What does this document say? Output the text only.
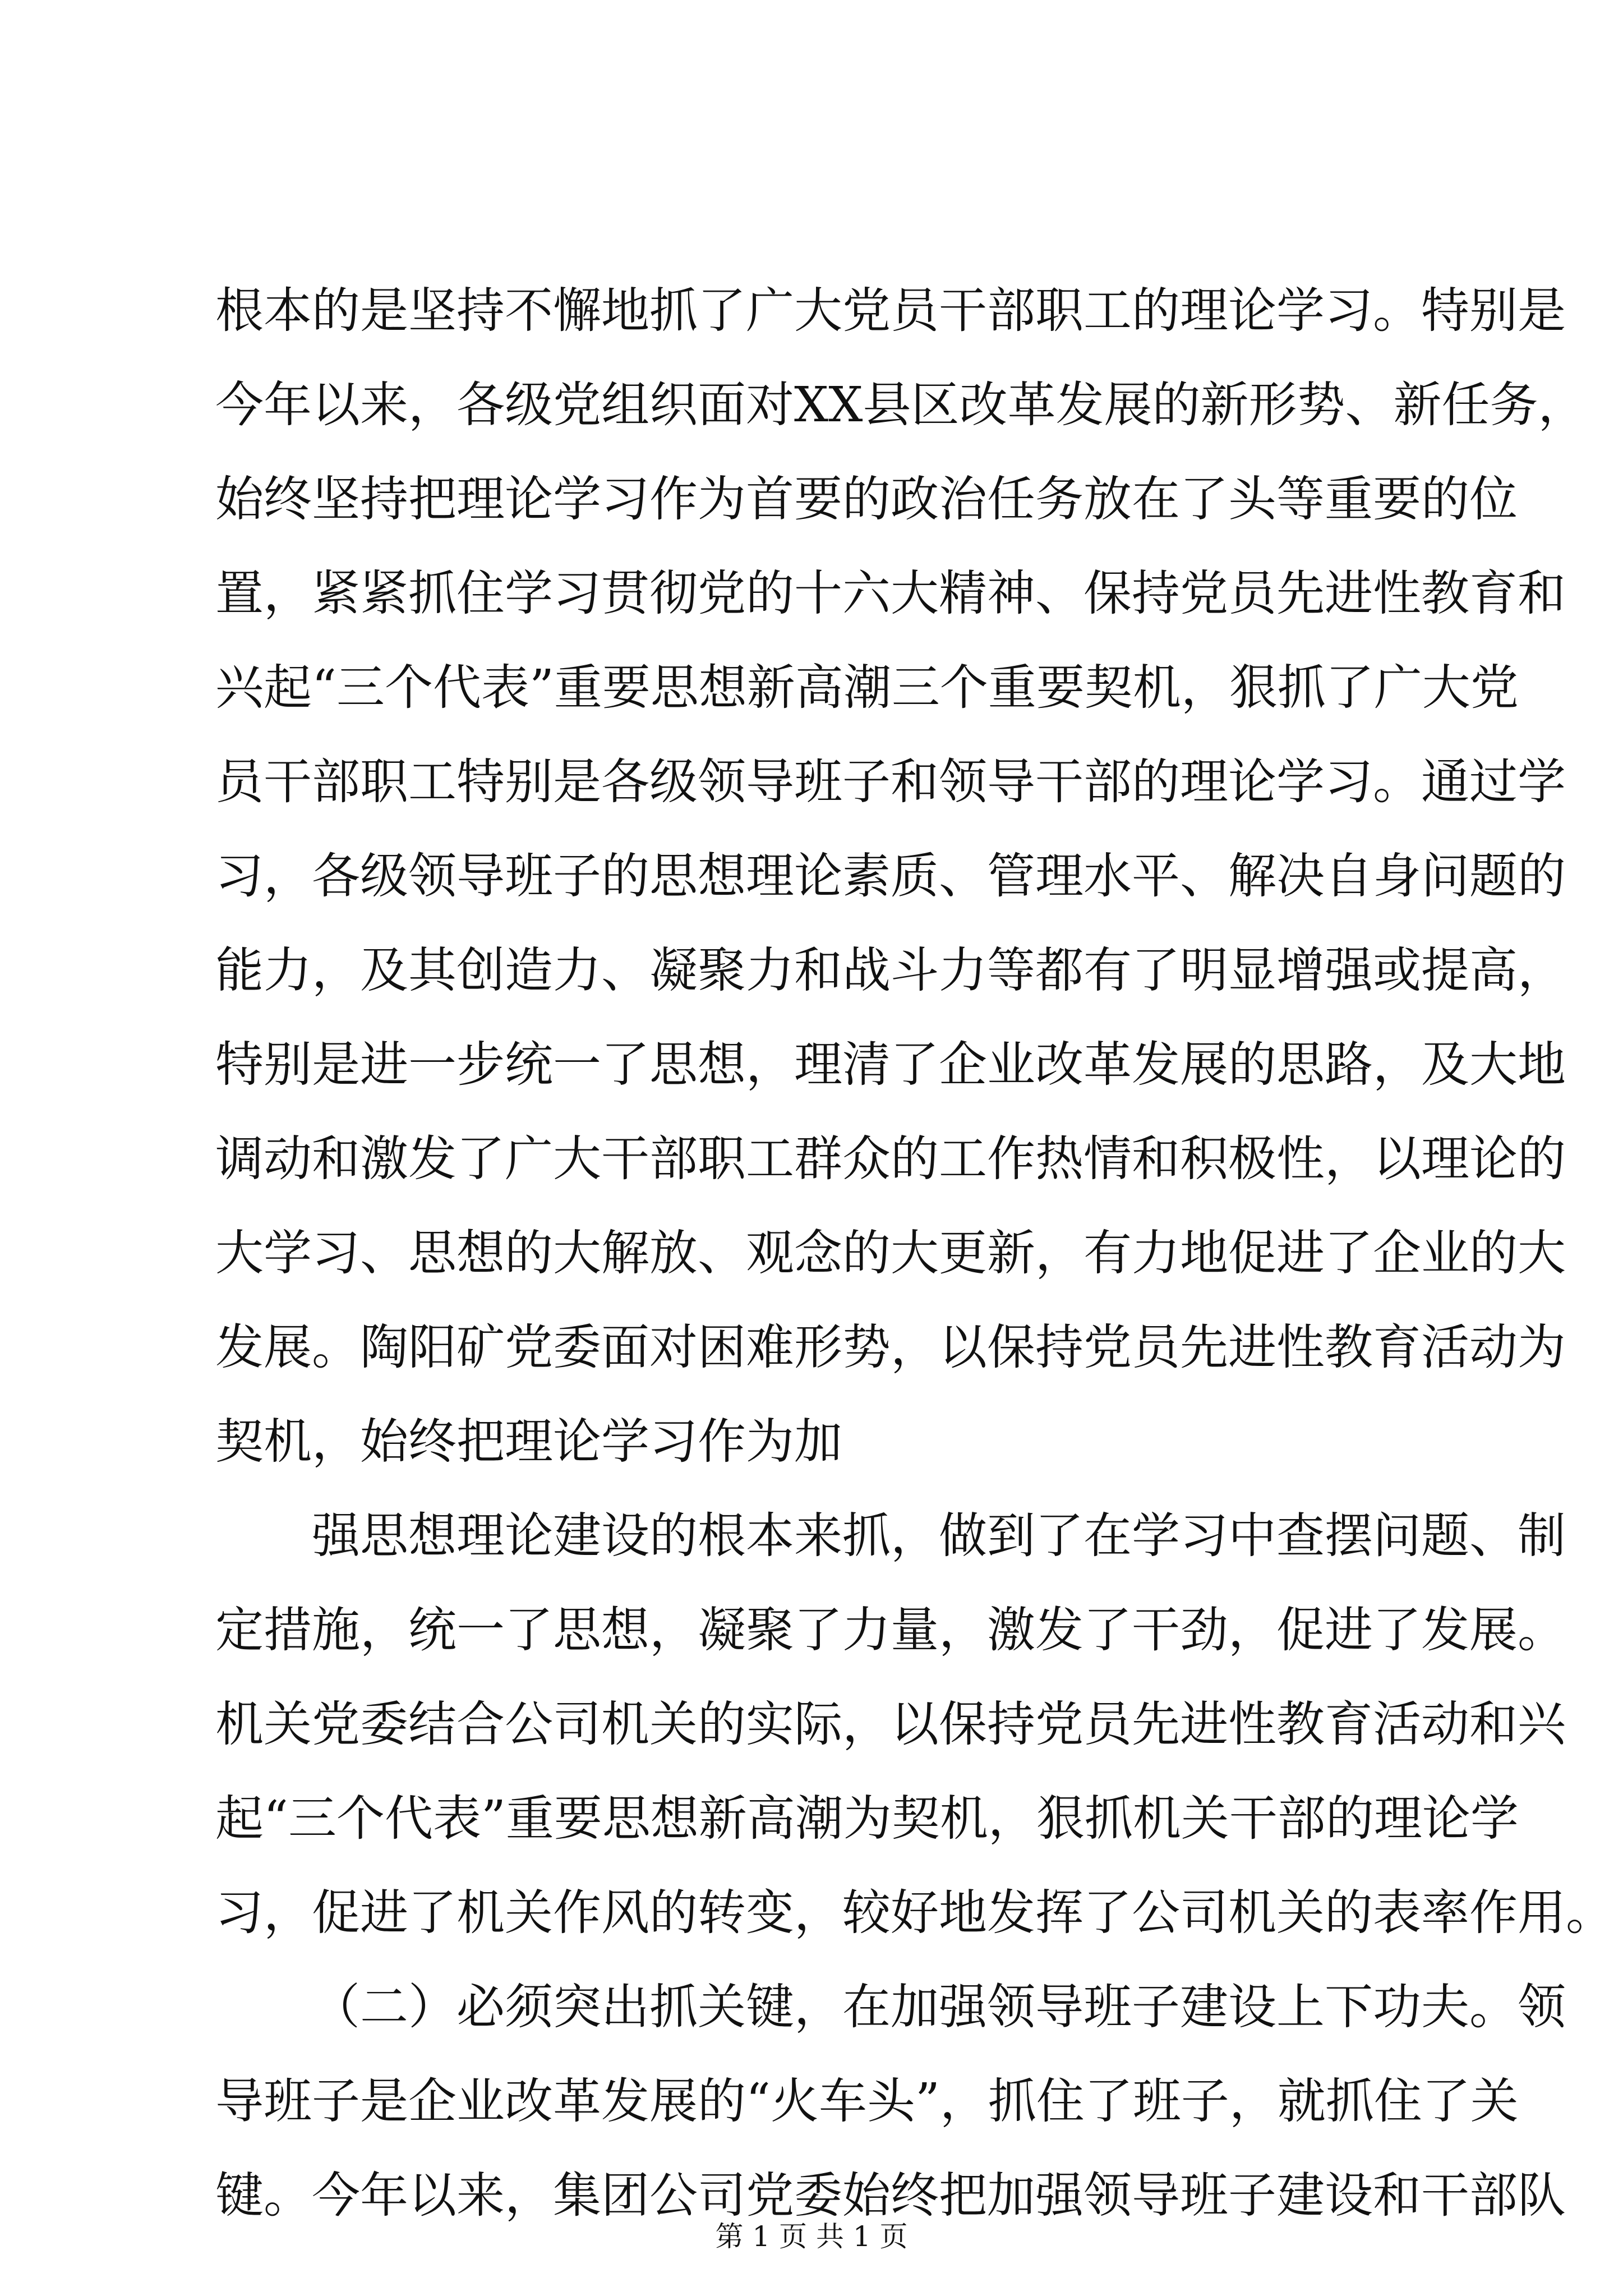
根本的是坚持不懈地抓了广大党员干部职工的理论学习。特别是
今年以来，各级党组织面对XX县区改革发展的新形势、新任务，
始终坚持把理论学习作为首要的政治任务放在了头等重要的位
置，紧紧抓住学习贯彻党的十六大精神、保持党员先进性教育和
兴起“三个代表”重要思想新高潮三个重要契机，狠抓了广大党
员干部职工特别是各级领导班子和领导干部的理论学习。通过学
习，各级领导班子的思想理论素质、管理水平、解决自身问题的
能力，及其创造力、凝聚力和战斗力等都有了明显增强或提高，
特别是进一步统一了思想，理清了企业改革发展的思路，及大地
调动和激发了广大干部职工群众的工作热情和积极性，以理论的
大学习、思想的大解放、观念的大更新，有力地促进了企业的大
发展。陶阳矿党委面对困难形势，以保持党员先进性教育活动为
契机，始终把理论学习作为加
强思想理论建设的根本来抓，做到了在学习中查摆问题、制
定措施，统一了思想，凝聚了力量，激发了干劲，促进了发展。
机关党委结合公司机关的实际，以保持党员先进性教育活动和兴
起“三个代表”重要思想新高潮为契机，狠抓机关干部的理论学
习，促进了机关作风的转变，较好地发挥了公司机关的表率作用。
（二）必须突出抓关键，在加强领导班子建设上下功夫。领
导班子是企业改革发展的“火车头”，抓住了班子，就抓住了关
键。今年以来，集团公司党委始终把加强领导班子建设和干部队
第 1 页 共 1 页
